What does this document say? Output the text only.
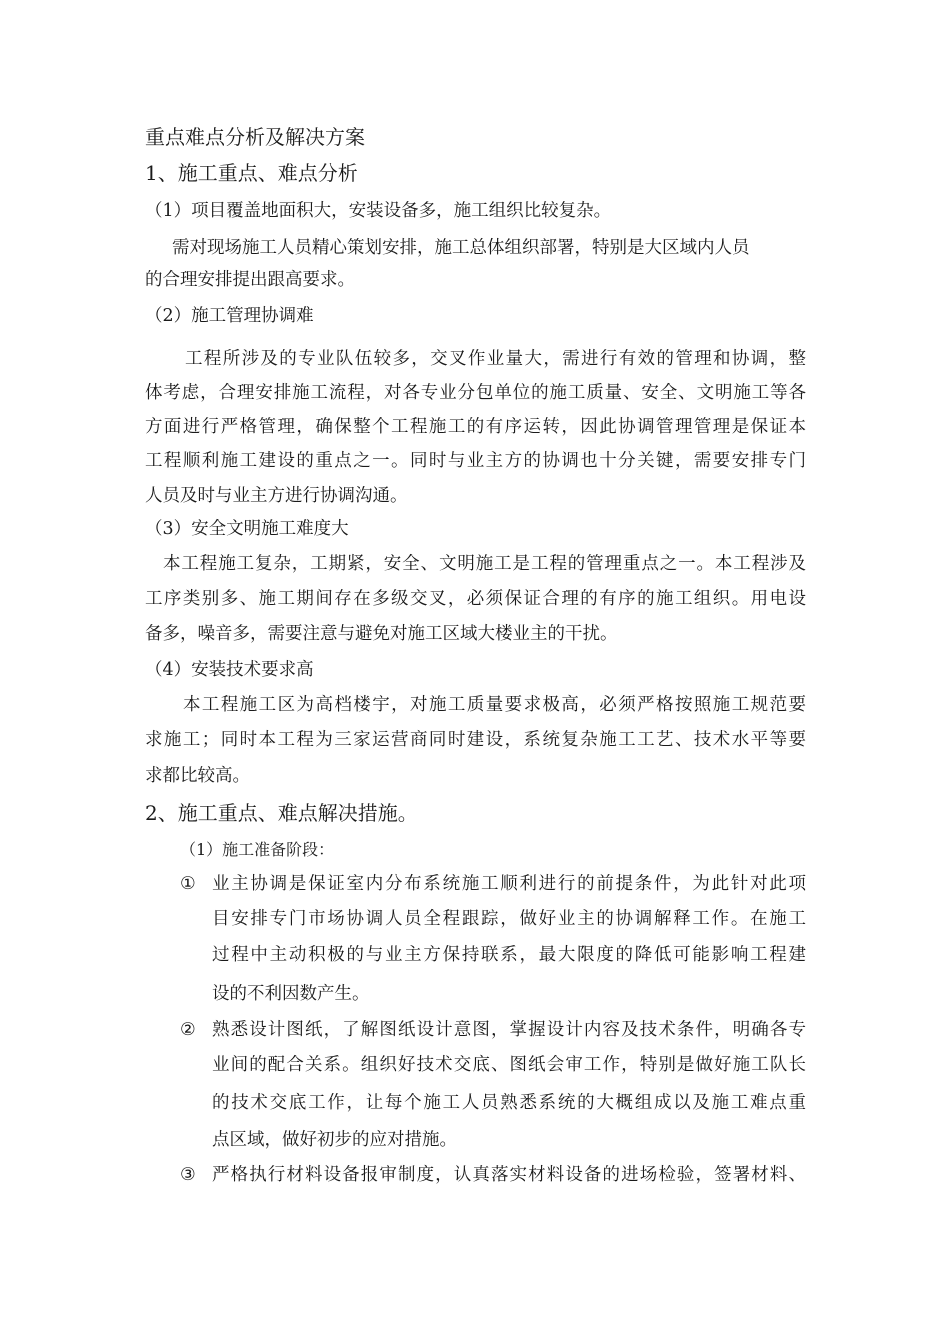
重点难点分析及解决方案
1、施工重点、难点分析
（1）项目覆盖地面积大，安装设备多，施工组织比较复杂。
需对现场施工人员精心策划安排，施工总体组织部署，特别是大区域内人员
的合理安排提出跟高要求。
（2）施工管理协调难
工程所涉及的专业队伍较多，交叉作业量大，需进行有效的管理和协调，整
体考虑，合理安排施工流程，对各专业分包单位的施工质量、安全、文明施工等各
方面进行严格管理，确保整个工程施工的有序运转，因此协调管理管理是保证本
工程顺利施工建设的重点之一。同时与业主方的协调也十分关键，需要安排专门
人员及时与业主方进行协调沟通。
（3）安全文明施工难度大
本工程施工复杂，工期紧，安全、文明施工是工程的管理重点之一。本工程涉及
工序类别多、施工期间存在多级交叉，必须保证合理的有序的施工组织。用电设
备多，噪音多，需要注意与避免对施工区域大楼业主的干扰。
（4）安装技术要求高
本工程施工区为高档楼宇，对施工质量要求极高，必须严格按照施工规范要
求施工；同时本工程为三家运营商同时建设，系统复杂施工工艺、技术水平等要
求都比较高。
2、施工重点、难点解决措施。
（1）施工准备阶段：
① 业主协调是保证室内分布系统施工顺利进行的前提条件，为此针对此项
目安排专门市场协调人员全程跟踪，做好业主的协调解释工作。在施工
过程中主动积极的与业主方保持联系，最大限度的降低可能影响工程建
设的不利因数产生。
② 熟悉设计图纸，了解图纸设计意图，掌握设计内容及技术条件，明确各专
业间的配合关系。组织好技术交底、图纸会审工作，特别是做好施工队长
的技术交底工作，让每个施工人员熟悉系统的大概组成以及施工难点重
点区域，做好初步的应对措施。
③ 严格执行材料设备报审制度，认真落实材料设备的进场检验，签署材料、
